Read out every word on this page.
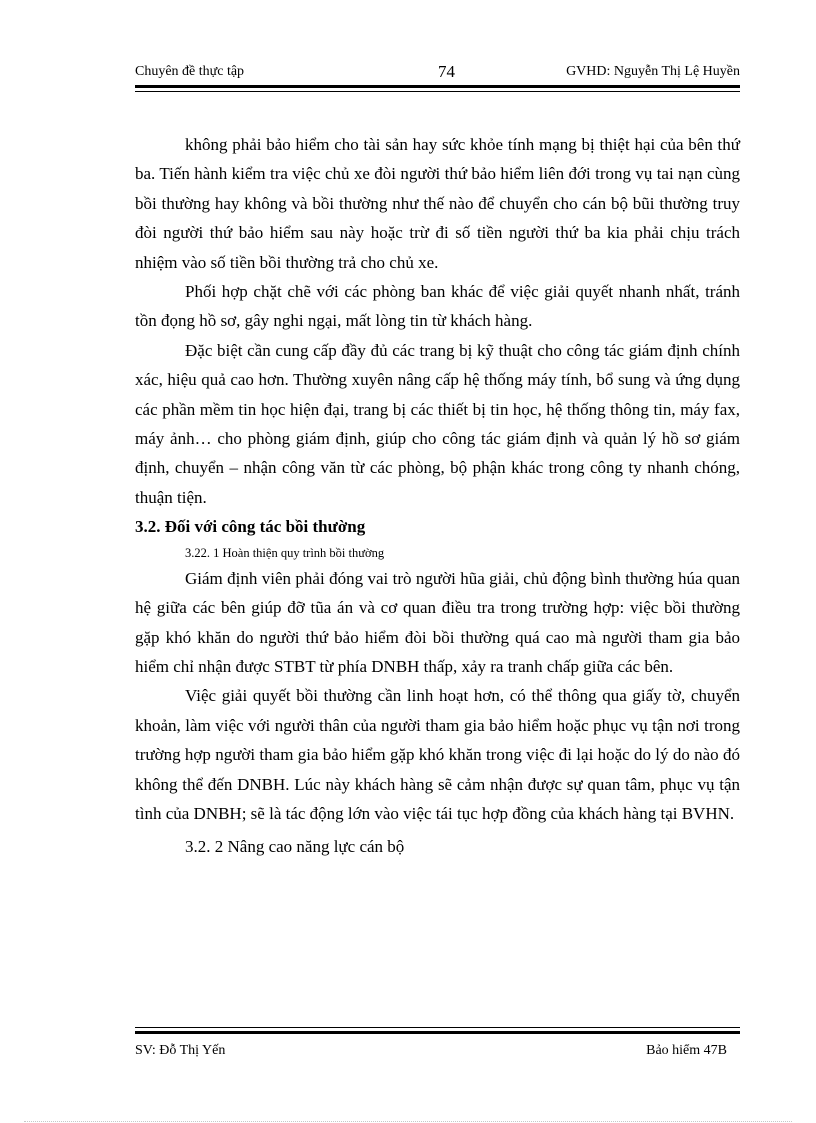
Chuyên đề thực tập	74	GVHD: Nguyễn Thị Lệ Huyền

không phải bảo hiểm cho tài sản hay sức khỏe tính mạng bị thiệt hại của bên thứ ba. Tiến hành kiểm tra việc chủ xe đòi người thứ bảo hiểm liên đới trong vụ tai nạn cùng bồi thường hay không và bồi thường như thế nào để chuyển cho cán bộ bũi thường truy đòi người thứ bảo hiểm sau này hoặc trừ đi số tiền người thứ ba kia phải chịu trách nhiệm vào số tiền bồi thường trả cho chủ xe.

Phối hợp chặt chẽ với các phòng ban khác để việc giải quyết nhanh nhất, tránh tồn đọng hồ sơ, gây nghi ngại, mất lòng tin từ khách hàng.

Đặc biệt cần cung cấp đầy đủ các trang bị kỹ thuật cho công tác giám định chính xác, hiệu quả cao hơn. Thường xuyên nâng cấp hệ thống máy tính, bổ sung và ứng dụng các phần mềm tin học hiện đại, trang bị các thiết bị tin học, hệ thống thông tin, máy fax, máy ảnh… cho phòng giám định, giúp cho công tác giám định và quản lý hồ sơ giám định, chuyển – nhận công văn từ các phòng, bộ phận khác trong công ty nhanh chóng, thuận tiện.

3.2. Đối với công tác bồi thường

3.22. 1 Hoàn thiện quy trình bồi thường

Giám định viên phải đóng vai trò người hũa giải, chủ động bình thường húa quan hệ giữa các bên giúp đỡ tũa án và cơ quan điều tra trong trường hợp: việc bồi thường gặp khó khăn do người thứ bảo hiểm đòi bồi thường quá cao mà người tham gia bảo hiểm chỉ nhận được STBT từ phía DNBH thấp, xảy ra tranh chấp giữa các bên.

Việc giải quyết bồi thường cần linh hoạt hơn, có thể thông qua giấy tờ, chuyển khoản, làm việc với người thân của người tham gia bảo hiểm hoặc phục vụ tận nơi trong trường hợp người tham gia bảo hiểm gặp khó khăn trong việc đi lại hoặc do lý do nào đó không thể đến DNBH. Lúc này khách hàng sẽ cảm nhận được sự quan tâm, phục vụ tận tình của DNBH; sẽ là tác động lớn vào việc tái tục hợp đồng của khách hàng tại BVHN.

3.2. 2 Nâng cao năng lực cán bộ

SV: Đỗ Thị Yến	Bảo hiểm 47B
